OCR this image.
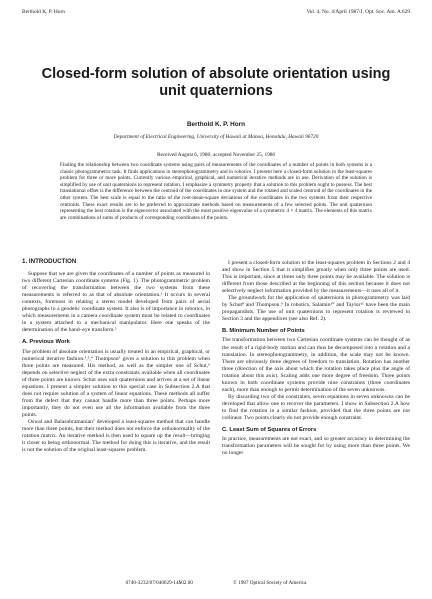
Berthold K. P. Horn	Vol. 4, No. 4/April 1987/J. Opt. Soc. Am. A 629
Closed-form solution of absolute orientation using unit quaternions
Berthold K. P. Horn
Department of Electrical Engineering, University of Hawaii at Manoa, Honolulu, Hawaii 96720
Received August 6, 1986; accepted November 25, 1986

Finding the relationship between two coordinate systems using pairs of measurements of the coordinates of a number of points in both systems is a classic photogrammetric task. It finds applications in stereophotogrammetry and in robotics. I present here a closed-form solution to the least-squares problem for three or more points. Currently various empirical, graphical, and numerical iterative methods are in use. Derivation of the solution is simplified by use of unit quaternions to represent rotation. I emphasize a symmetry property that a solution to this problem ought to possess. The best translational offset is the difference between the centroid of the coordinates in one system and the rotated and scaled centroid of the coordinates in the other system. The best scale is equal to the ratio of the root-mean-square deviations of the coordinates in the two systems from their respective centroids. These exact results are to be preferred to approximate methods based on measurements of a few selected points. The unit quaternion representing the best rotation is the eigenvector associated with the most positive eigenvalue of a symmetric 4 × 4 matrix. The elements of this matrix are combinations of sums of products of corresponding coordinates of the points.

1. INTRODUCTION

Suppose that we are given the coordinates of a number of points as measured in two different Cartesian coordinate systems (Fig. 1). The photogrammetric problem of recovering the transformation between the two systems from these measurements is referred to as that of absolute orientation.¹ It occurs in several contexts, foremost in relating a stereo model developed from pairs of aerial photographs to a geodetic coordinate system. It also is of importance in robotics, in which measurements in a camera coordinate system must be related to coordinates in a system attached to a mechanical manipulator. Here one speaks of the determination of the hand–eye transform.²

A. Previous Work

The problem of absolute orientation is usually treated in an empirical, graphical, or numerical iterative fashion.¹,³,⁴ Thompson⁵ gives a solution to this problem when three points are measured. His method, as well as the simpler one of Schut,⁶ depends on selective neglect of the extra constraints available when all coordinates of three points are known. Schut uses unit quaternions and arrives at a set of linear equations. I present a simpler solution to this special case in Subsection 2.A that does not require solution of a system of linear equations. These methods all suffer from the defect that they cannot handle more than three points. Perhaps more importantly, they do not even use all the information available from the three points.

Oswal and Balasubramanian⁷ developed a least-squares method that can handle more than three points, but their method does not enforce the orthonormality of the rotation matrix. An iterative method is then used to square up the result—bringing it closer to being orthonormal. The method for doing this is iterative, and the result is not the solution of the original least-squares problem.

I present a closed-form solution to the least-squares problem in Sections 2 and 4 and show in Section 5 that it simplifies greatly when only three points are used. This is important, since at times only three points may be available. The solution is different from those described at the beginning of this section because it does not selectively neglect information provided by the measurements—it uses all of it.

The groundwork for the application of quaternions in photogrammetry was laid by Schut⁸ and Thompson.⁹ In robotics, Salamin¹⁰ and Taylor¹¹ have been the main propagandists. The use of unit quaternions to represent rotation is reviewed in Section 3 and the appendixes (see also Ref. 2).

B. Minimum Number of Points

The transformation between two Cartesian coordinate systems can be thought of as the result of a rigid-body motion and can thus be decomposed into a rotation and a translation. In stereophotogrammetry, in addition, the scale may not be known. There are obviously three degrees of freedom to translation. Rotation has another three (direction of the axis about which the rotation takes place plus the angle of rotation about this axis). Scaling adds one more degree of freedom. Three points known in both coordinate systems provide nine constraints (three coordinates each), more than enough to permit determination of the seven unknowns.

By discarding two of the constraints, seven equations in seven unknowns can be developed that allow one to recover the parameters. I show in Subsection 2.A how to find the rotation in a similar fashion, provided that the three points are not collinear. Two points clearly do not provide enough constraint.

C. Least Sum of Squares of Errors

In practice, measurements are not exact, and so greater accuracy in determining the transformation parameters will be sought for by using more than three points. We no longer

0740-3232/87/040629-14$02.00	© 1987 Optical Society of America
